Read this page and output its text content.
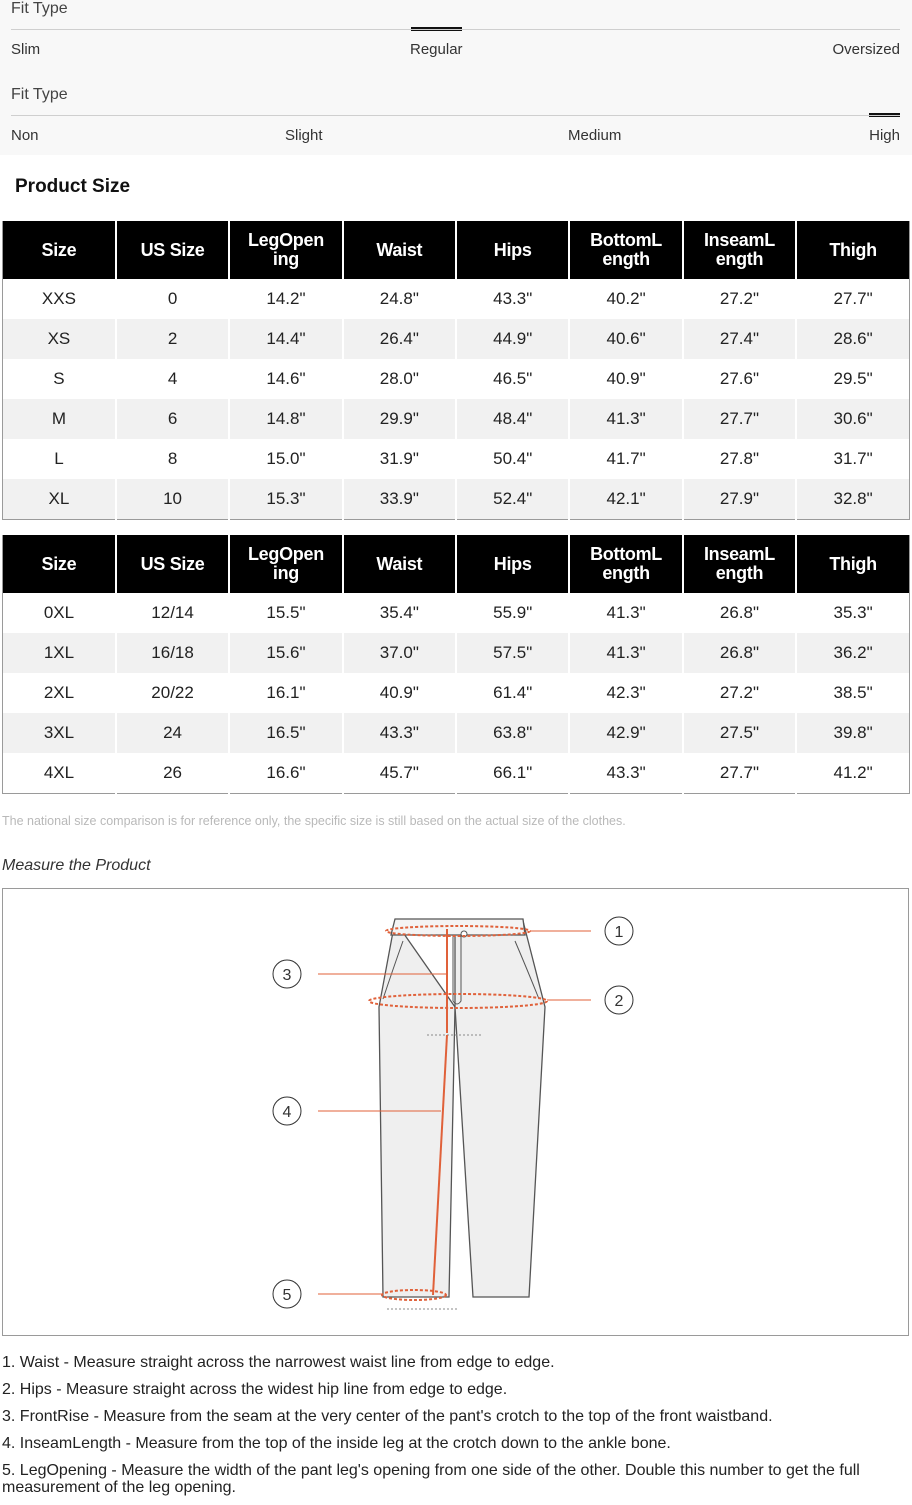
Fit Type
Slim	Regular	Oversized
Fit Type
Non	Slight	Medium	High
Product Size
Size	US Size	LegOpen ing	Waist	Hips	BottomL ength	InseamL ength	Thigh
XXS	0	14.2"	24.8"	43.3"	40.2"	27.2"	27.7"
XS	2	14.4"	26.4"	44.9"	40.6"	27.4"	28.6"
S	4	14.6"	28.0"	46.5"	40.9"	27.6"	29.5"
M	6	14.8"	29.9"	48.4"	41.3"	27.7"	30.6"
L	8	15.0"	31.9"	50.4"	41.7"	27.8"	31.7"
XL	10	15.3"	33.9"	52.4"	42.1"	27.9"	32.8"
Size	US Size	LegOpen ing	Waist	Hips	BottomL ength	InseamL ength	Thigh
0XL	12/14	15.5"	35.4"	55.9"	41.3"	26.8"	35.3"
1XL	16/18	15.6"	37.0"	57.5"	41.3"	26.8"	36.2"
2XL	20/22	16.1"	40.9"	61.4"	42.3"	27.2"	38.5"
3XL	24	16.5"	43.3"	63.8"	42.9"	27.5"	39.8"
4XL	26	16.6"	45.7"	66.1"	43.3"	27.7"	41.2"
The national size comparison is for reference only, the specific size is still based on the actual size of the clothes.
Measure the Product
1
2
3
4
5

1. Waist - Measure straight across the narrowest waist line from edge to edge.

2. Hips - Measure straight across the widest hip line from edge to edge.

3. FrontRise - Measure from the seam at the very center of the pant's crotch to the top of the front waistband.

4. InseamLength - Measure from the top of the inside leg at the crotch down to the ankle bone.

5. LegOpening - Measure the width of the pant leg's opening from one side of the other. Double this number to get the full measurement of the leg opening.
